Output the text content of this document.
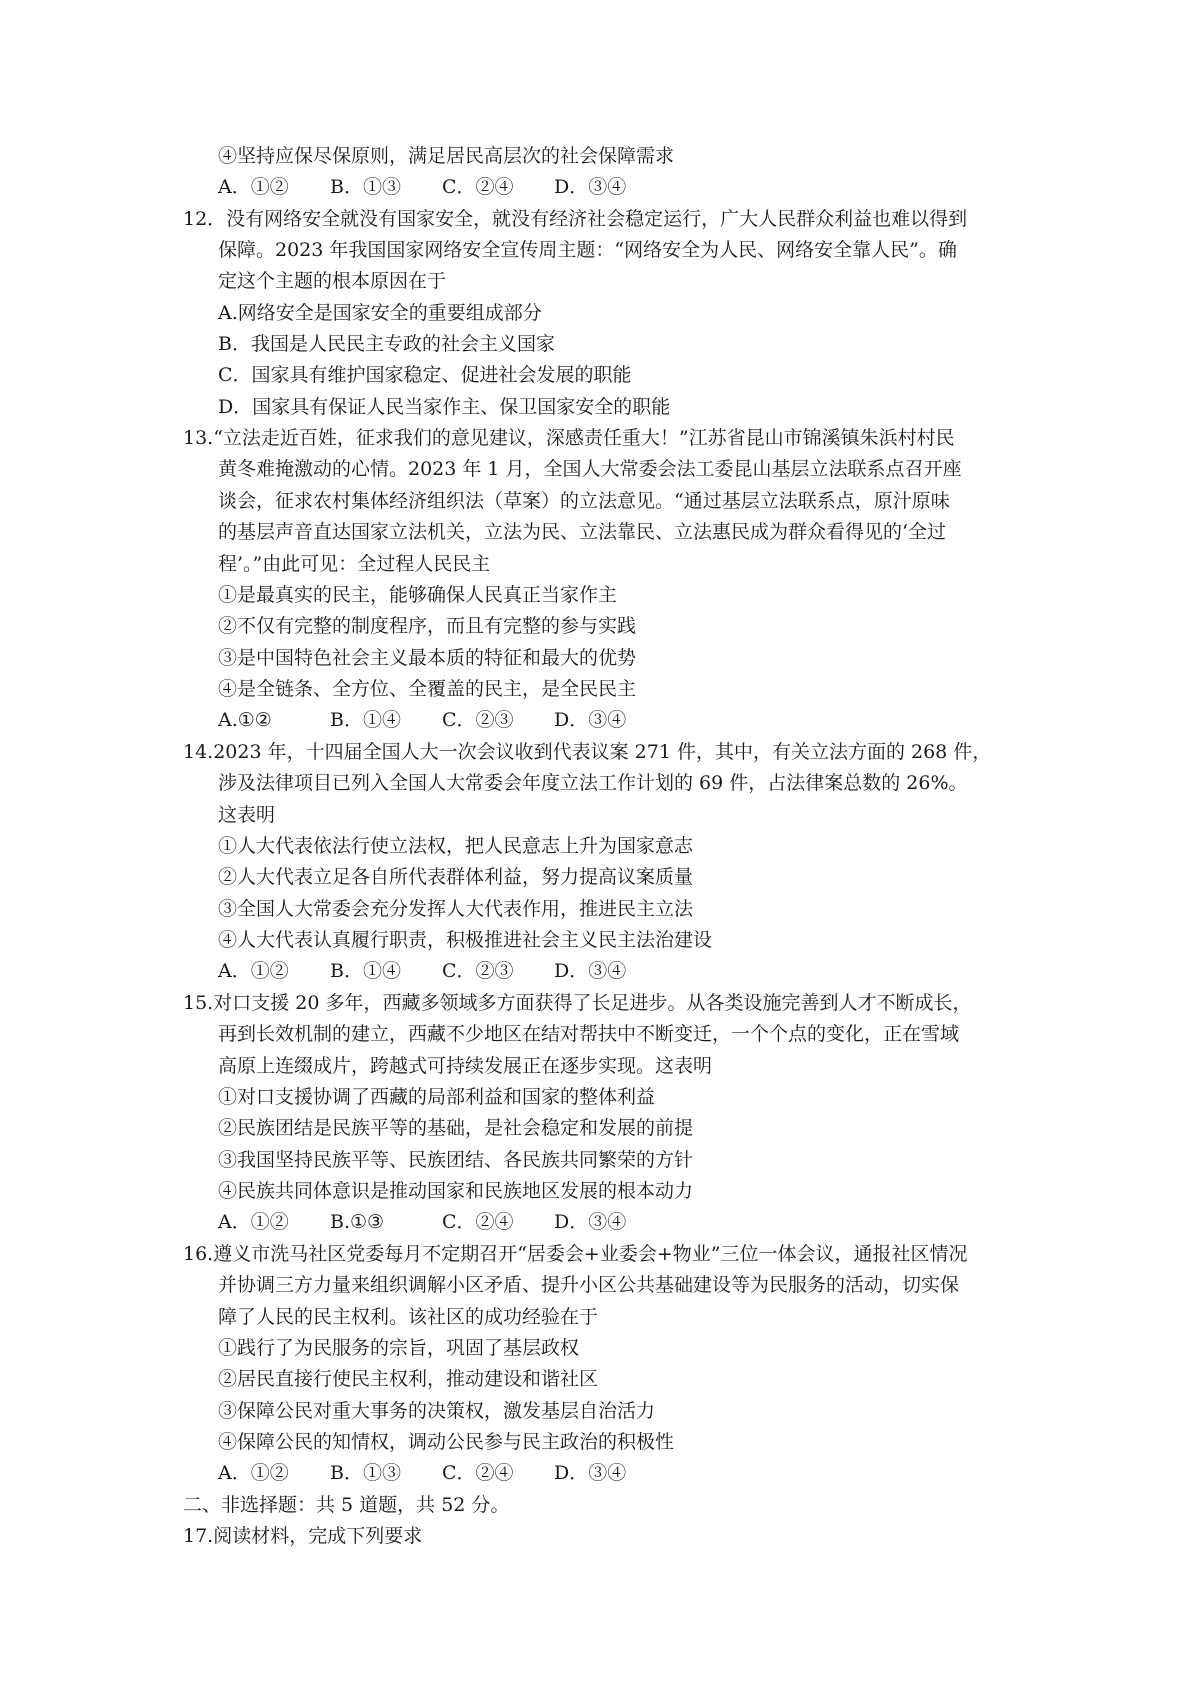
④坚持应保尽保原则，满足居民高层次的社会保障需求
A．①② B．①③ C．②④ D．③④
12．没有网络安全就没有国家安全，就没有经济社会稳定运行，广大人民群众利益也难以得到
保障。2023 年我国国家网络安全宣传周主题：“网络安全为人民、网络安全靠人民”。确
定这个主题的根本原因在于
A.网络安全是国家安全的重要组成部分
B．我国是人民民主专政的社会主义国家
C．国家具有维护国家稳定、促进社会发展的职能
D．国家具有保证人民当家作主、保卫国家安全的职能
13.“立法走近百姓，征求我们的意见建议，深感责任重大！”江苏省昆山市锦溪镇朱浜村村民
黄冬难掩激动的心情。2023 年 1 月，全国人大常委会法工委昆山基层立法联系点召开座
谈会，征求农村集体经济组织法（草案）的立法意见。“通过基层立法联系点，原汁原味
的基层声音直达国家立法机关，立法为民、立法靠民、立法惠民成为群众看得见的‘全过
程’。”由此可见：全过程人民民主
①是最真实的民主，能够确保人民真正当家作主
②不仅有完整的制度程序，而且有完整的参与实践
③是中国特色社会主义最本质的特征和最大的优势
④是全链条、全方位、全覆盖的民主，是全民民主
A.①②	B．①④ C．②③ D．③④
14.2023 年，十四届全国人大一次会议收到代表议案 271 件，其中，有关立法方面的 268 件，
涉及法律项目已列入全国人大常委会年度立法工作计划的 69 件，占法律案总数的 26%。
这表明
①人大代表依法行使立法权，把人民意志上升为国家意志
②人大代表立足各自所代表群体利益，努力提高议案质量
③全国人大常委会充分发挥人大代表作用，推进民主立法
④人大代表认真履行职责，积极推进社会主义民主法治建设
A．①② B．①④ C．②③ D．③④
15.对口支援 20 多年，西藏多领域多方面获得了长足进步。从各类设施完善到人才不断成长，
再到长效机制的建立，西藏不少地区在结对帮扶中不断变迁，一个个点的变化，正在雪域
高原上连缀成片，跨越式可持续发展正在逐步实现。这表明
①对口支援协调了西藏的局部利益和国家的整体利益
②民族团结是民族平等的基础，是社会稳定和发展的前提
③我国坚持民族平等、民族团结、各民族共同繁荣的方针
④民族共同体意识是推动国家和民族地区发展的根本动力
A．①② B.①③	C．②④ D．③④
16.遵义市洗马社区党委每月不定期召开“居委会+业委会+物业”三位一体会议，通报社区情况
并协调三方力量来组织调解小区矛盾、提升小区公共基础建设等为民服务的活动，切实保
障了人民的民主权利。该社区的成功经验在于
①践行了为民服务的宗旨，巩固了基层政权
②居民直接行使民主权利，推动建设和谐社区
③保障公民对重大事务的决策权，激发基层自治活力
④保障公民的知情权，调动公民参与民主政治的积极性
A．①② B．①③ C．②④ D．③④
二、非选择题：共 5 道题，共 52 分。
17.阅读材料，完成下列要求
